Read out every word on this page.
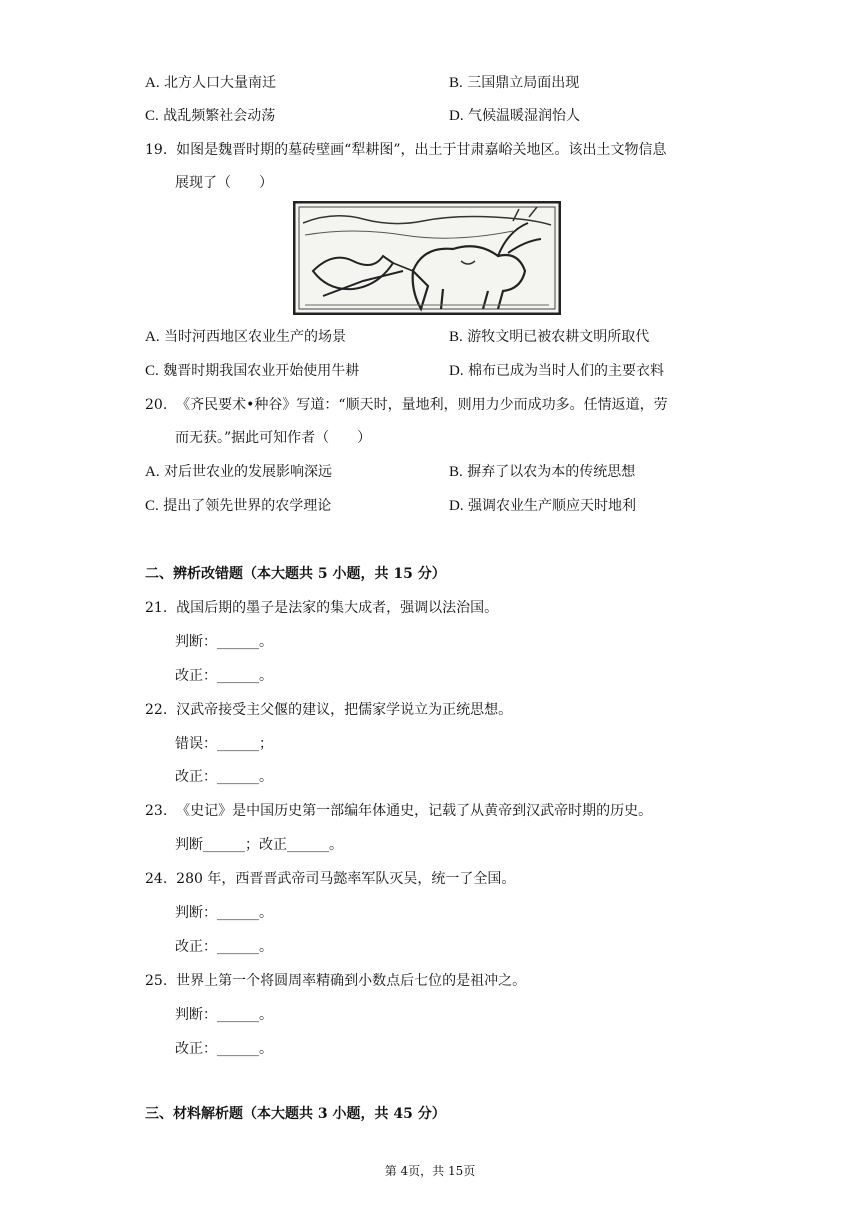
A. 北方人口大量南迁	B. 三国鼎立局面出现
C. 战乱频繁社会动荡	D. 气候温暖湿润怡人
19. 如图是魏晋时期的墓砖壁画“犁耕图”，出土于甘肃嘉峪关地区。该出土文物信息
展现了（　　）
A. 当时河西地区农业生产的场景	B. 游牧文明已被农耕文明所取代
C. 魏晋时期我国农业开始使用牛耕	D. 棉布已成为当时人们的主要衣料
20. 《齐民要术•种谷》写道：“顺天时，量地利，则用力少而成功多。任情返道，劳
而无获。”据此可知作者（　　）
A. 对后世农业的发展影响深远	B. 摒弃了以农为本的传统思想
C. 提出了领先世界的农学理论	D. 强调农业生产顺应天时地利
二、辨析改错题（本大题共 5 小题，共 15 分）
21. 战国后期的墨子是法家的集大成者，强调以法治国。
判断：______。
改正：______。
22. 汉武帝接受主父偃的建议，把儒家学说立为正统思想。
错误：______；
改正：______。
23. 《史记》是中国历史第一部编年体通史，记载了从黄帝到汉武帝时期的历史。
判断______；改正______。
24. 280 年，西晋晋武帝司马懿率军队灭吴，统一了全国。
判断：______。
改正：______。
25. 世界上第一个将圆周率精确到小数点后七位的是祖冲之。
判断：______。
改正：______。
三、材料解析题（本大题共 3 小题，共 45 分）
第 4页，共 15页
